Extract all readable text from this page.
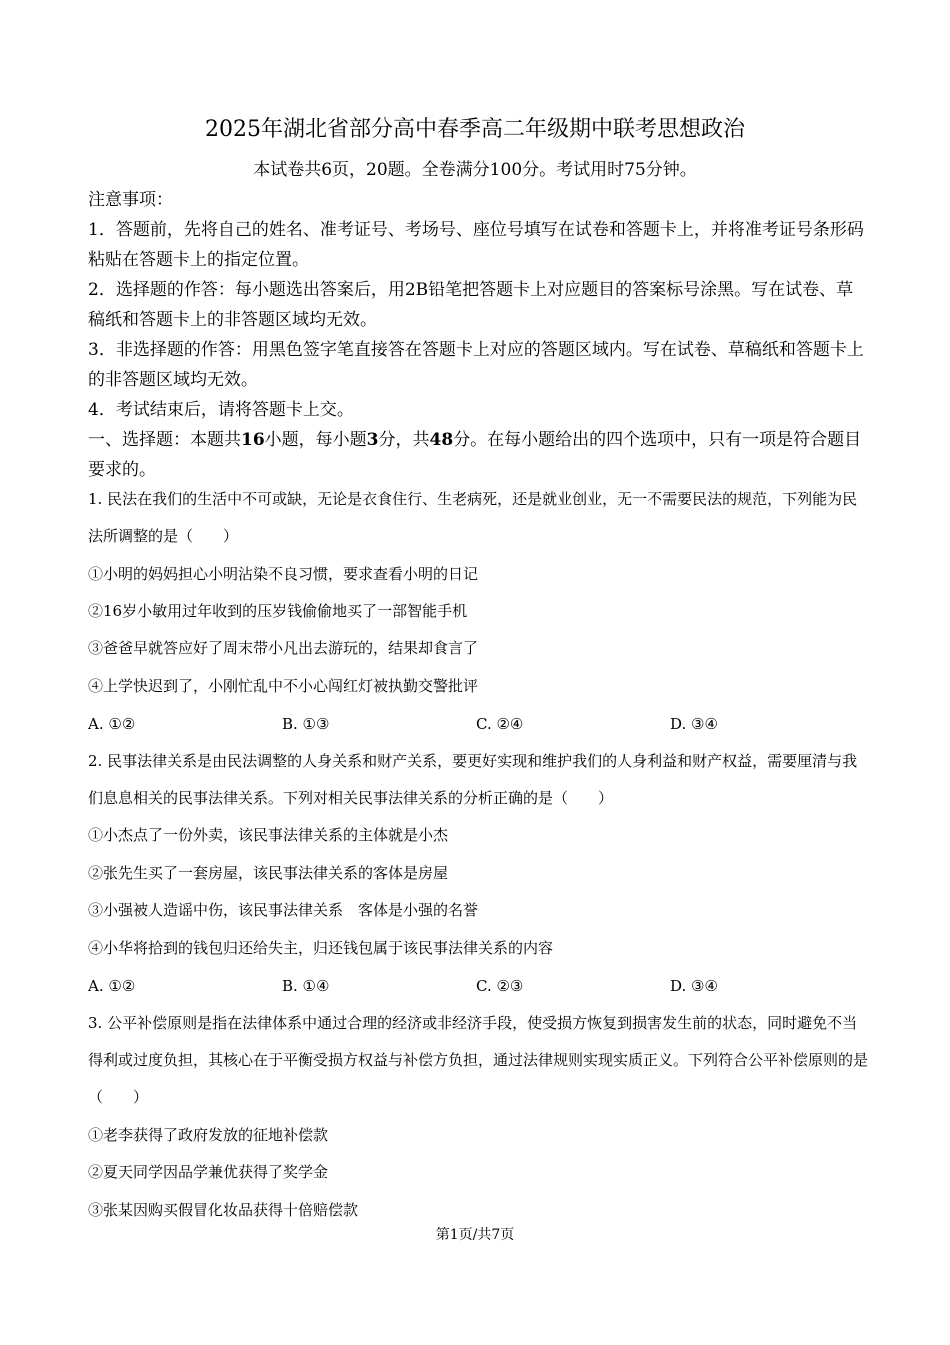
2025年湖北省部分高中春季高二年级期中联考思想政治
本试卷共6页，20题。全卷满分100分。考试用时75分钟。
注意事项：
1．答题前，先将自己的姓名、准考证号、考场号、座位号填写在试卷和答题卡上，并将准考证号条形码粘贴在答题卡上的指定位置。
2．选择题的作答：每小题选出答案后，用2B铅笔把答题卡上对应题目的答案标号涂黑。写在试卷、草稿纸和答题卡上的非答题区域均无效。
3．非选择题的作答：用黑色签字笔直接答在答题卡上对应的答题区域内。写在试卷、草稿纸和答题卡上的非答题区域均无效。
4．考试结束后，请将答题卡上交。
一、选择题：本题共16小题，每小题3分，共48分。在每小题给出的四个选项中，只有一项是符合题目要求的。
1. 民法在我们的生活中不可或缺，无论是衣食住行、生老病死，还是就业创业，无一不需要民法的规范，下列能为民法所调整的是（　　）
①小明的妈妈担心小明沾染不良习惯，要求查看小明的日记
②16岁小敏用过年收到的压岁钱偷偷地买了一部智能手机
③爸爸早就答应好了周末带小凡出去游玩的，结果却食言了
④上学快迟到了，小刚忙乱中不小心闯红灯被执勤交警批评
A. ①②	B. ①③	C. ②④	D. ③④
2. 民事法律关系是由民法调整的人身关系和财产关系，要更好实现和维护我们的人身利益和财产权益，需要厘清与我们息息相关的民事法律关系。下列对相关民事法律关系的分析正确的是（　　）
①小杰点了一份外卖，该民事法律关系的主体就是小杰
②张先生买了一套房屋，该民事法律关系的客体是房屋
③小强被人造谣中伤，该民事法律关系　客体是小强的名誉
④小华将拾到的钱包归还给失主，归还钱包属于该民事法律关系的内容
A. ①②	B. ①④	C. ②③	D. ③④
3. 公平补偿原则是指在法律体系中通过合理的经济或非经济手段，使受损方恢复到损害发生前的状态，同时避免不当得利或过度负担，其核心在于平衡受损方权益与补偿方负担，通过法律规则实现实质正义。下列符合公平补偿原则的是（　　）
①老李获得了政府发放的征地补偿款
②夏天同学因品学兼优获得了奖学金
③张某因购买假冒化妆品获得十倍赔偿款
第1页/共7页
